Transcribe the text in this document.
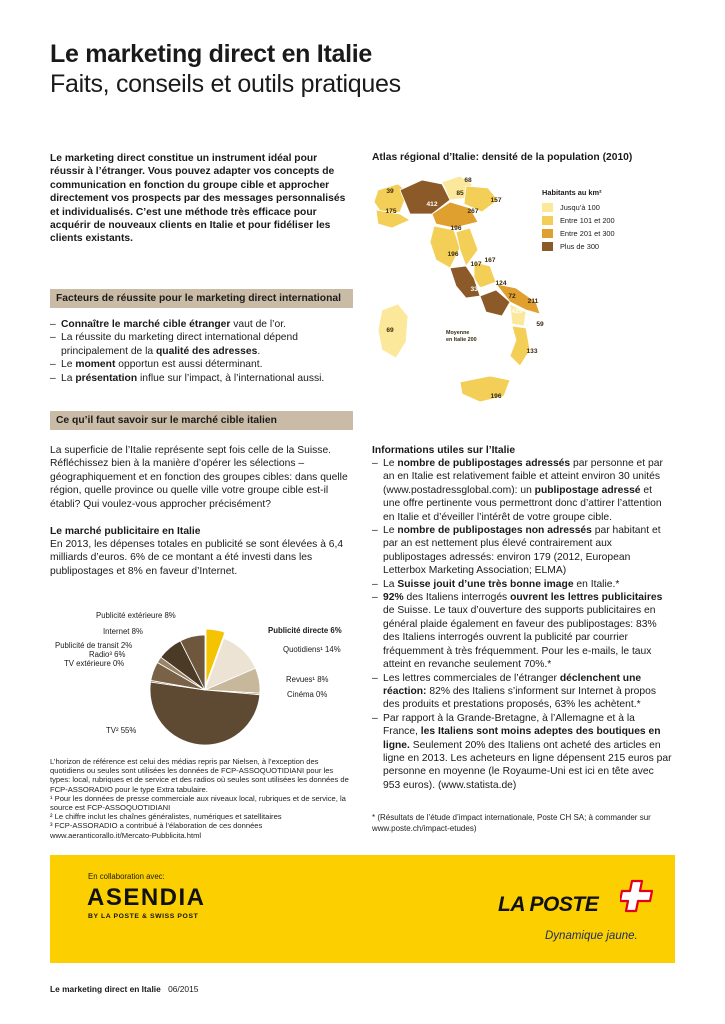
Le marketing direct en Italie
Faits, conseils et outils pratiques
Le marketing direct constitue un instrument idéal pour réussir à l’étranger. Vous pouvez adapter vos concepts de communication en fonction du groupe cible et approcher directement vos prospects par des messages personnalisés et individualisés. C’est une méthode très efficace pour acquérir de nouveaux clients en Italie et pour fidéliser les clients existants.
Facteurs de réussite pour le marketing direct international
– Connaître le marché cible étranger vaut de l’or.
– La réussite du marketing direct international dépend principalement de la qualité des adresses.
– Le moment opportun est aussi déterminant.
– La présentation influe sur l’impact, à l’international aussi.
Ce qu’il faut savoir sur le marché cible italien
La superficie de l’Italie représente sept fois celle de la Suisse. Réfléchissez bien à la manière d’opérer les sélections – géographiquement et en fonction des groupes cibles: dans quelle région, quelle province ou quelle ville votre groupe cible est-il établi? Qui voulez-vous approcher précisément?
Le marché publicitaire en Italie
En 2013, les dépenses totales en publicité se sont élevées à 6,4 milliards d’euros. 6% de ce montant a été investi dans les publipostages et 8% en faveur d’Internet.
Publicité extérieure 8%
Internet 8%
Publicité de transit 2%
Radio³ 6%
TV extérieure 0%
Publicité directe 6%
Quotidiens¹ 14%
Revues¹ 8%
Cinéma 0%
TV² 55%
L’horizon de référence est celui des médias repris par Nielsen, à l’exception des quotidiens ou seules sont utilisées les données de FCP-ASSOQUOTIDIANI pour les types: local, rubriques et de service et des radios où seules sont utilisées les données de FCP-ASSORADIO pour le type Extra tabulaire.
¹ Pour les données de presse commerciale aux niveaux local, rubriques et de service, la source est FCP-ASSOQUOTIDIANI
² Le chiffre inclut les chaînes généralistes, numériques et satellitaires
³ FCP-ASSORADIO a contribué à l’élaboration de ces données
www.aeranticorallo.it/Mercato-Pubblicita.html
Atlas régional d’Italie: densité de la population (2010)
68
39	85
157
175
412
267
196
196
107
167
124
330
72
211
429
59
69
133
196
Moyenne
en Italie 200
Habitants au km²
Jusqu’à 100
Entre 101 et 200
Entre 201 et 300
Plus de 300
Informations utiles sur l’Italie
– Le nombre de publipostages adressés par personne et par an en Italie est relativement faible et atteint environ 30 unités (www.postadressglobal.com): un publipostage adressé et une offre pertinente vous permettront donc d’attirer l’attention en Italie et d’éveiller l’intérêt de votre groupe cible.
– Le nombre de publipostages non adressés par habitant et par an est nettement plus élevé contrairement aux publipostages adressés: environ 179 (2012, European Letterbox Marketing Association; ELMA)
– La Suisse jouit d’une très bonne image en Italie.*
– 92% des Italiens interrogés ouvrent les lettres publicitaires de Suisse. Le taux d’ouverture des supports publicitaires en général plaide également en faveur des publipostages: 83% des Italiens interrogés ouvrent la publicité par courrier fréquemment à très fréquemment. Pour les e-mails, le taux atteint en revanche seulement 70%.*
– Les lettres commerciales de l’étranger déclenchent une réaction: 82% des Italiens s’informent sur Internet à propos des produits et prestations proposés, 63% les achètent.*
– Par rapport à la Grande-Bretagne, à l’Allemagne et à la France, les Italiens sont moins adeptes des boutiques en ligne. Seulement 20% des Italiens ont acheté des articles en ligne en 2013. Les acheteurs en ligne dépensent 215 euros par personne en moyenne (le Royaume-Uni est ici en tête avec 953 euros). (www.statista.de)
* (Résultats de l’étude d’impact internationale, Poste CH SA; à commander sur www.poste.ch/impact-etudes)
En collaboration avec:
ASENDIA
BY LA POSTE & SWISS POST
LA POSTE
Dynamique jaune.
Le marketing direct en Italie 06/2015
